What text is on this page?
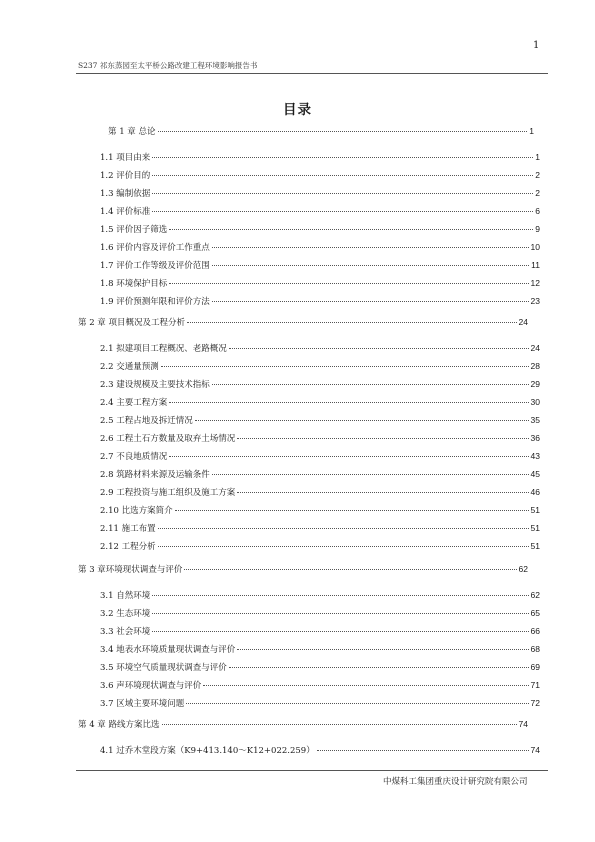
1
S237 祁东蒸园至太平桥公路改建工程环境影响报告书
目录
第 1 章 总论	1
1.1 项目由来	1
1.2 评价目的	2
1.3 编制依据	2
1.4 评价标准	6
1.5 评价因子筛选	9
1.6 评价内容及评价工作重点	10
1.7 评价工作等级及评价范围	11
1.8 环境保护目标	12
1.9 评价预测年限和评价方法	23
第 2 章 项目概况及工程分析	24
2.1 拟建项目工程概况、老路概况	24
2.2 交通量预测	28
2.3 建设规模及主要技术指标	29
2.4 主要工程方案	30
2.5 工程占地及拆迁情况	35
2.6 工程土石方数量及取弃土场情况	36
2.7 不良地质情况	43
2.8 筑路材料来源及运输条件	45
2.9 工程投资与施工组织及施工方案	46
2.10 比选方案简介	51
2.11 施工布置	51
2.12 工程分析	51
第 3 章环境现状调查与评价	62
3.1 自然环境	62
3.2 生态环境	65
3.3 社会环境	66
3.4 地表水环境质量现状调查与评价	68
3.5 环境空气质量现状调查与评价	69
3.6 声环境现状调查与评价	71
3.7 区域主要环境问题	72
第 4 章 路线方案比选	74
4.1 过乔木堂段方案（K9+413.140～K12+022.259）	74
中煤科工集团重庆设计研究院有限公司
